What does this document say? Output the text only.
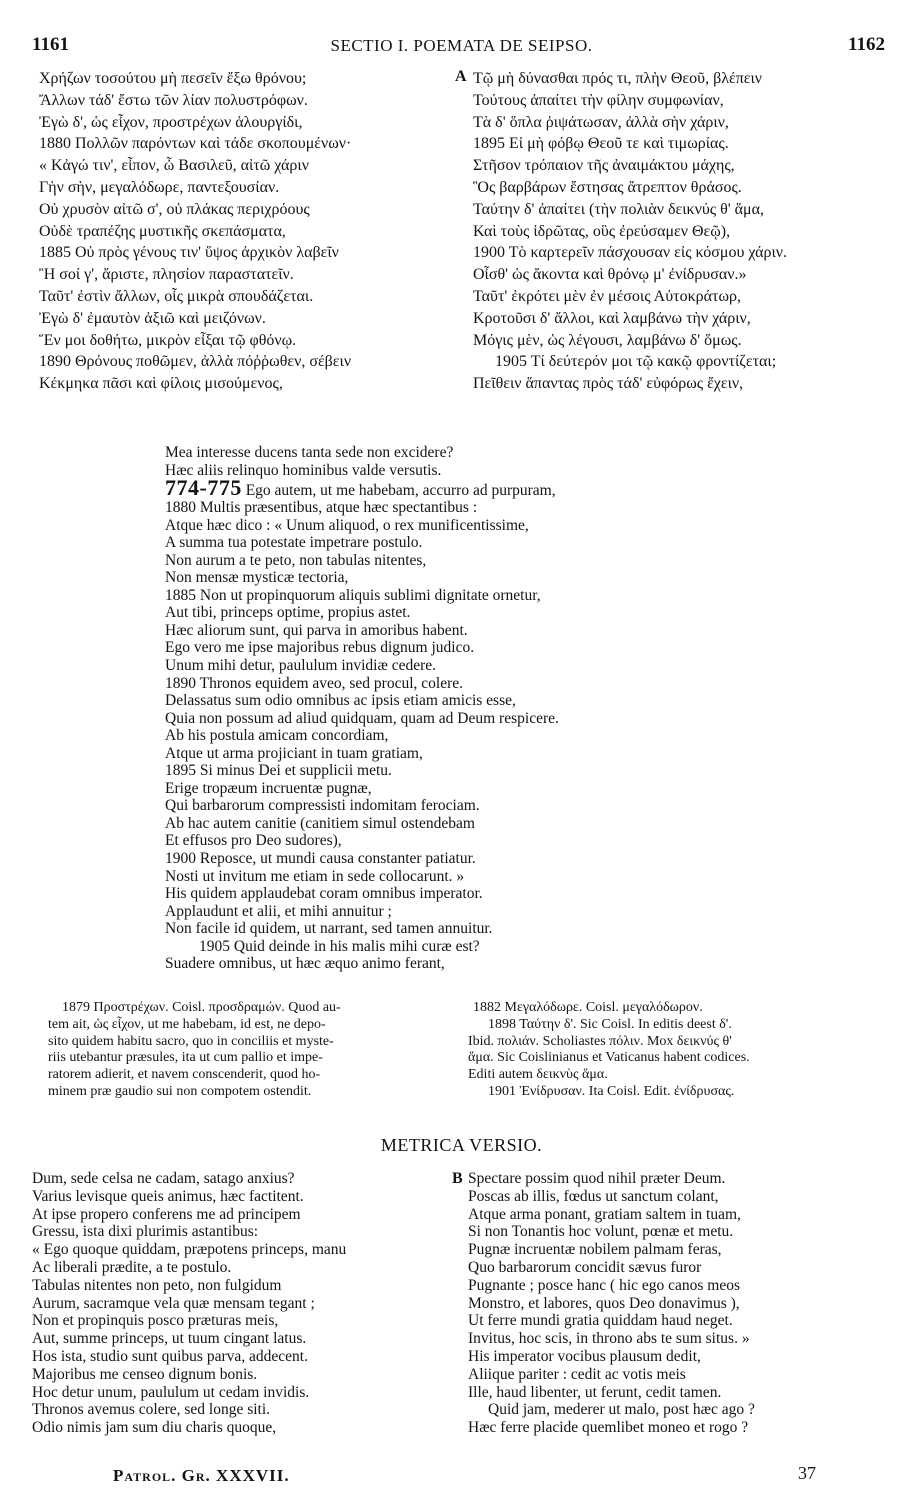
1161	SECTIO I. POEMATA DE SEIPSO.	1162
Χρήζων τοσούτου μὴ πεσεῖν ἔξω θρόνου;
Ἄλλων τάδ' ἔστω τῶν λίαν πολυστρόφων.
Ἐγὼ δ', ὡς εἶχον, προστρέχων ἁλουργίδι,
1880 Πολλῶν παρόντων καὶ τάδε σκοπουμένων·
« Κἀγώ τιν', εἶπον, ὦ Βασιλεῦ, αἰτῶ χάριν
Γὴν σὴν, μεγαλόδωρε, παντεξουσίαν.
Οὐ χρυσὸν αἰτῶ σ', οὐ πλάκας περιχρόους
Οὐδὲ τραπέζης μυστικῆς σκεπάσματα,
1885 Οὐ πρὸς γένους τιν' ὕψος ἀρχικὸν λαβεῖν
Ἢ σοί γ', ἄριστε, πλησίον παραστατεῖν.
Ταῦτ' ἐστὶν ἄλλων, οἷς μικρὰ σπουδάζεται.
Ἐγὼ δ' ἐμαυτὸν ἀξιῶ καὶ μειζόνων.
Ἕν μοι δοθήτω, μικρὸν εἶξαι τῷ φθόνῳ.
1890 Θρόνους ποθῶμεν, ἀλλὰ πόῤῥωθεν, σέβειν
Κέκμηκα πᾶσι καὶ φίλοις μισούμενος,
A Τῷ μὴ δύνασθαι πρός τι, πλὴν Θεοῦ, βλέπειν
Τούτους ἀπαίτει τὴν φίλην συμφωνίαν,
Τὰ δ' ὅπλα ῥιψάτωσαν, ἀλλὰ σὴν χάριν,
1895 Εἰ μὴ φόβῳ Θεοῦ τε καὶ τιμωρίας.
Στῆσον τρόπαιον τῆς ἀναιμάκτου μάχης,
Ὃς βαρβάρων ἔστησας ἄτρεπτον θράσος.
Ταύτην δ' ἀπαίτει (τὴν πολιὰν δεικνύς θ' ἅμα,
Καὶ τοὺς ἱδρῶτας, οὓς ἐρεύσαμεν Θεῷ),
1900 Τὸ καρτερεῖν πάσχουσαν εἰς κόσμου χάριν.
Οἶσθ' ὡς ἄκοντα καὶ θρόνῳ μ' ἐνίδρυσαν.»
Ταῦτ' ἐκρότει μὲν ἐν μέσοις Αὐτοκράτωρ,
Κροτοῦσι δ' ἄλλοι, καὶ λαμβάνω τὴν χάριν,
Μόγις μὲν, ὡς λέγουσι, λαμβάνω δ' ὅμως.
1905 Τί δεύτερόν μοι τῷ κακῷ φροντίζεται;
Πεῖθειν ἅπαντας πρὸς τάδ' εὐφόρως ἔχειν,
Mea interesse ducens tanta sede non excidere?
Hæc aliis relinquo hominibus valde versutis.
774-775 Ego autem, ut me habebam, accurro ad purpuram,
1880 Multis præsentibus, atque hæc spectantibus :
Atque hæc dico : « Unum aliquod, o rex munificentissime,
A summa tua potestate impetrare postulo.
Non aurum a te peto, non tabulas nitentes,
Non mensæ mysticæ tectoria,
1885 Non ut propinquorum aliquis sublimi dignitate ornetur,
Aut tibi, princeps optime, propius astet.
Hæc aliorum sunt, qui parva in amoribus habent.
Ego vero me ipse majoribus rebus dignum judico.
Unum mihi detur, paululum invidiæ cedere.
1890 Thronos equidem aveo, sed procul, colere.
Delassatus sum odio omnibus ac ipsis etiam amicis esse,
Quia non possum ad aliud quidquam, quam ad Deum respicere.
Ab his postula amicam concordiam,
Atque ut arma projiciant in tuam gratiam,
1895 Si minus Dei et supplicii metu.
Erige tropæum incruentæ pugnæ,
Qui barbarorum compressisti indomitam ferociam.
Ab hac autem canitie (canitiem simul ostendebam
Et effusos pro Deo sudores),
1900 Reposce, ut mundi causa constanter patiatur.
Nosti ut invitum me etiam in sede collocarunt. »
His quidem applaudebat coram omnibus imperator.
Applaudunt et alii, et mihi annuitur ;
Non facile id quidem, ut narrant, sed tamen annuitur.
1905 Quid deinde in his malis mihi curæ est?
Suadere omnibus, ut hæc æquo animo ferant,
1879 Προστρέχων. Coisl. προσδραμών. Quod au-
tem ait, ὡς εἶχον, ut me habebam, id est, ne depo-
sito quidem habitu sacro, quo in conciliis et myste-
riis utebantur præsules, ita ut cum pallio et impe-
ratorem adierit, et navem conscenderit, quod ho-
minem præ gaudio sui non compotem ostendit.
1882 Μεγαλόδωρε. Coisl. μεγαλόδωρον.
1898 Ταύτην δ'. Sic Coisl. In editis deest δ'.
Ibid. πολιάν. Scholiastes πόλιν. Mox δεικνύς θ'
ἅμα. Sic Coislinianus et Vaticanus habent codices.
Editi autem δεικνὺς ἅμα.
1901 Ἐνίδρυσαν. Ita Coisl. Edit. ἐνίδρυσας.
METRICA VERSIO.
Dum, sede celsa ne cadam, satago anxius?
Varius levisque queis animus, hæc factitent.
At ipse propero conferens me ad principem
Gressu, ista dixi plurimis astantibus:
« Ego quoque quiddam, præpotens princeps, manu
Ac liberali prædite, a te postulo.
Tabulas nitentes non peto, non fulgidum
Aurum, sacramque vela quæ mensam tegant ;
Non et propinquis posco præturas meis,
Aut, summe princeps, ut tuum cingant latus.
Hos ista, studio sunt quibus parva, addecent.
Majoribus me censeo dignum bonis.
Hoc detur unum, paululum ut cedam invidis.
Thronos avemus colere, sed longe siti.
Odio nimis jam sum diu charis quoque,
B Spectare possim quod nihil præter Deum.
Poscas ab illis, fœdus ut sanctum colant,
Atque arma ponant, gratiam saltem in tuam,
Si non Tonantis hoc volunt, pœnæ et metu.
Pugnæ incruentæ nobilem palmam feras,
Quo barbarorum concidit sævus furor
Pugnante ; posce hanc ( hic ego canos meos
Monstro, et labores, quos Deo donavimus ),
Ut ferre mundi gratia quiddam haud neget.
Invitus, hoc scis, in throno abs te sum situs. »
His imperator vocibus plausum dedit,
Aliique pariter : cedit ac votis meis
Ille, haud libenter, ut ferunt, cedit tamen.
Quid jam, mederer ut malo, post hæc ago ?
Hæc ferre placide quemlibet moneo et rogo ?
Patrol. Gr. XXXVII.	37
